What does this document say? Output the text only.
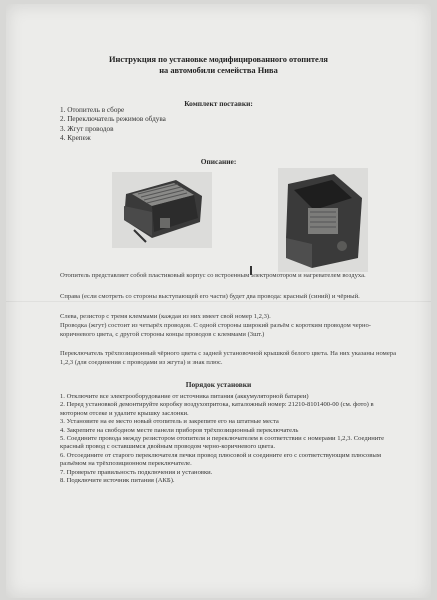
Инструкция по установке модифицированного отопителя
на автомобили семейства Нива
Комплект поставки:
1. Отопитель в сборе
2. Переключатель режимов обдува
3. Жгут проводов
4. Крепеж
Описание:
Отопитель представляет собой пластиковый корпус со встроенным электромотором и нагревателем воздуха.
Справа (если смотреть со стороны выступающей его части) будет два провода: красный (синий) и чёрный.
Слева, резистор с тремя клеммами (каждая из них имеет свой номер 1,2,3).
Проводка (жгут) состоит из четырёх проводов. С одной стороны широкий разъём с коротким проводом черно-коричневого цвета, с другой стороны концы проводов с клеммами (3шт.)
Переключатель трёхпозиционный чёрного цвета с задней установочной крышкой белого цвета. На них указаны номера 1,2,3 (для соединения с проводами из жгута) и знак плюс.
Порядок установки
1. Отключите все электрооборудование от источника питания (аккумуляторной батареи)
2. Перед установкой демонтируйте коробку воздухопритока, каталожный номер: 21210-8101400-00 (см. фото) в моторном отсеке и удалите крышку заслонки.
3. Установите на ее место новый отопитель и закрепите его на штатные места
4. Закрепите на свободном месте панели приборов трёхпозиционный переключатель
5. Соедините провода между резистором отопителя и переключателем в соответствии с номерами 1,2,3. Соедините красный провод с оставшимся двойным проводом черно-коричневого цвета.
6. Отсоедините от старого переключателя печки провод плюсовой и соедините его с соответствующим плюсовым разъёмом на трёхпозиционном переключателе.
7. Проверьте правильность подключения и установки.
8. Подключите источник питания (АКБ).
